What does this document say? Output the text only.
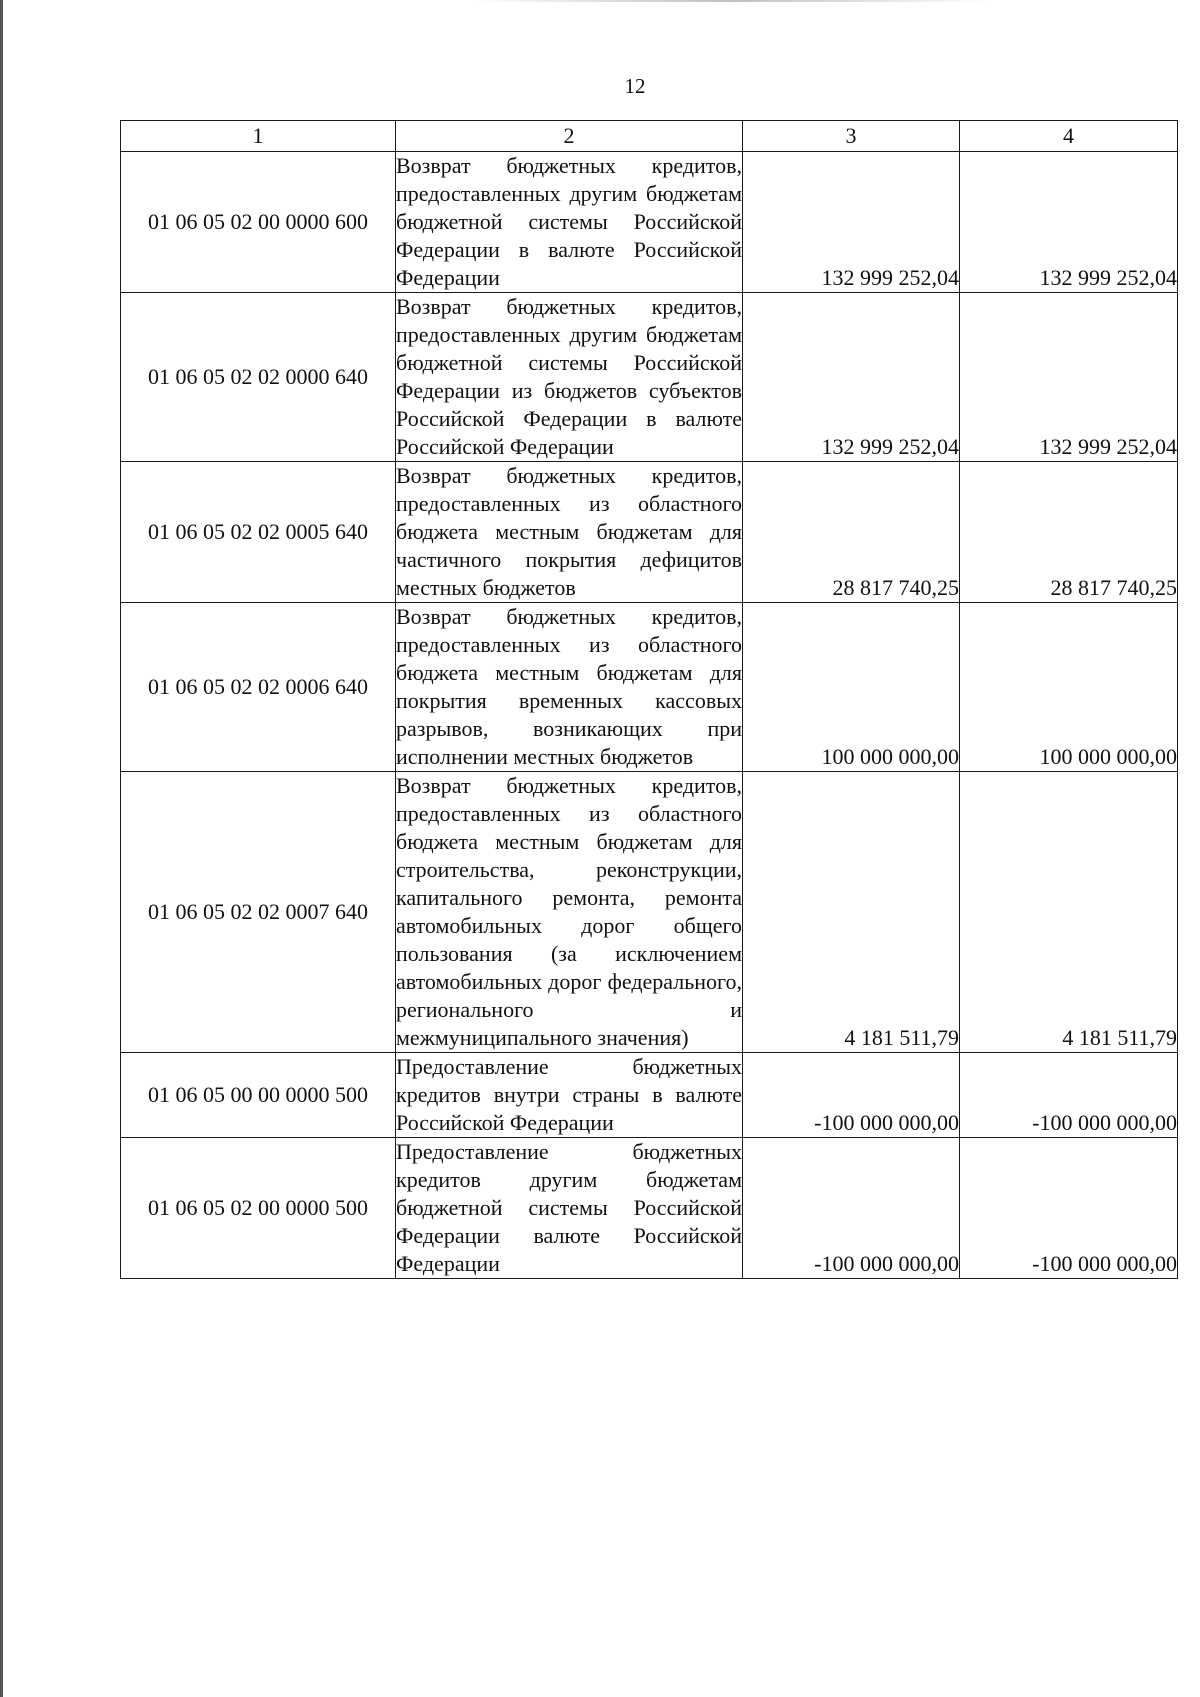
12
1	2	3	4
01 06 05 02 00 0000 600	Возврат бюджетных кредитов, предоставленных другим бюджетам бюджетной системы Российской Федерации в валюте Российской Федерации	132 999 252,04	132 999 252,04
01 06 05 02 02 0000 640	Возврат бюджетных кредитов, предоставленных другим бюджетам бюджетной системы Российской Федерации из бюджетов субъектов Российской Федерации в валюте Российской Федерации	132 999 252,04	132 999 252,04
01 06 05 02 02 0005 640	Возврат бюджетных кредитов, предоставленных из областного бюджета местным бюджетам для частичного покрытия дефицитов местных бюджетов	28 817 740,25	28 817 740,25
01 06 05 02 02 0006 640	Возврат бюджетных кредитов, предоставленных из областного бюджета местным бюджетам для покрытия временных кассовых разрывов, возникающих при исполнении местных бюджетов	100 000 000,00	100 000 000,00
01 06 05 02 02 0007 640	Возврат бюджетных кредитов, предоставленных из областного бюджета местным бюджетам для строительства, реконструкции, капитального ремонта, ремонта автомобильных дорог общего пользования (за исключением автомобильных дорог федерального, регионального и межмуниципального значения)	4 181 511,79	4 181 511,79
01 06 05 00 00 0000 500	Предоставление бюджетных кредитов внутри страны в валюте Российской Федерации	-100 000 000,00	-100 000 000,00
01 06 05 02 00 0000 500	Предоставление бюджетных кредитов другим бюджетам бюджетной системы Российской Федерации валюте Российской Федерации	-100 000 000,00	-100 000 000,00
